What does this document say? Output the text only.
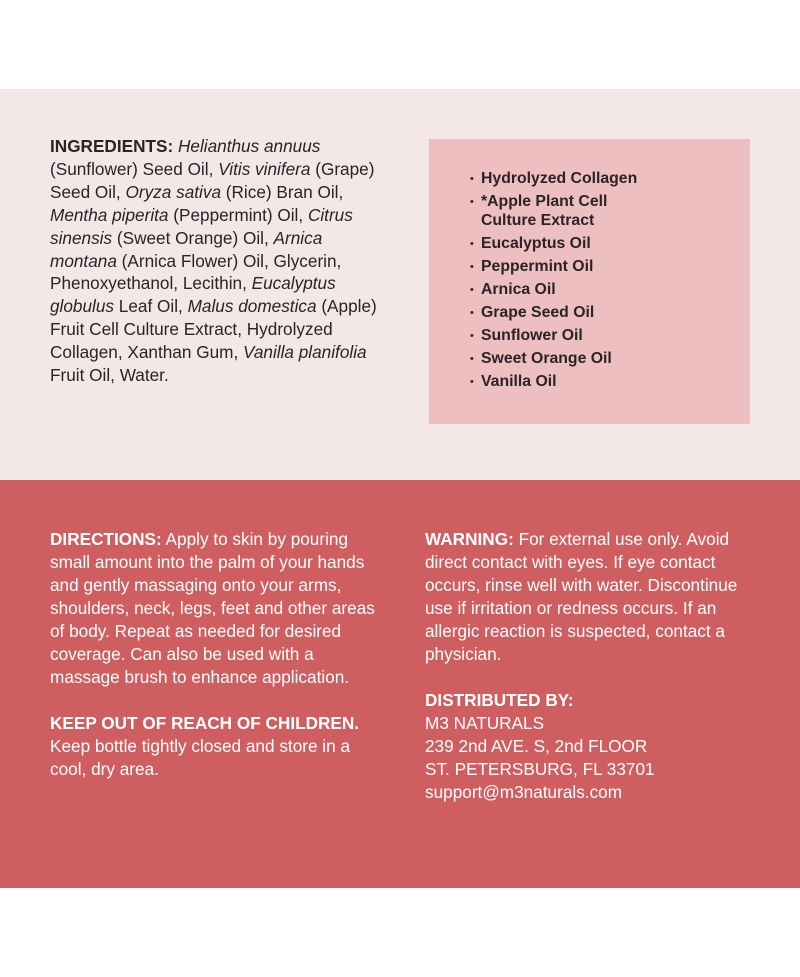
INGREDIENTS: Helianthus annuus (Sunflower) Seed Oil, Vitis vinifera (Grape) Seed Oil, Oryza sativa (Rice) Bran Oil, Mentha piperita (Peppermint) Oil, Citrus sinensis (Sweet Orange) Oil, Arnica montana (Arnica Flower) Oil, Glycerin, Phenoxyethanol, Lecithin, Eucalyptus globulus Leaf Oil, Malus domestica (Apple) Fruit Cell Culture Extract, Hydrolyzed Collagen, Xanthan Gum, Vanilla planifolia Fruit Oil, Water.
• Hydrolyzed Collagen
• *Apple Plant Cell Culture Extract
• Eucalyptus Oil
• Peppermint Oil
• Arnica Oil
• Grape Seed Oil
• Sunflower Oil
• Sweet Orange Oil
• Vanilla Oil

DIRECTIONS: Apply to skin by pouring small amount into the palm of your hands and gently massaging onto your arms, shoulders, neck, legs, feet and other areas of body. Repeat as needed for desired coverage. Can also be used with a massage brush to enhance application.

KEEP OUT OF REACH OF CHILDREN. Keep bottle tightly closed and store in a cool, dry area.

WARNING: For external use only. Avoid direct contact with eyes. If eye contact occurs, rinse well with water. Discontinue use if irritation or redness occurs. If an allergic reaction is suspected, contact a physician.

DISTRIBUTED BY:

M3 NATURALS

239 2nd AVE. S, 2nd FLOOR

ST. PETERSBURG, FL 33701

support@m3naturals.com
